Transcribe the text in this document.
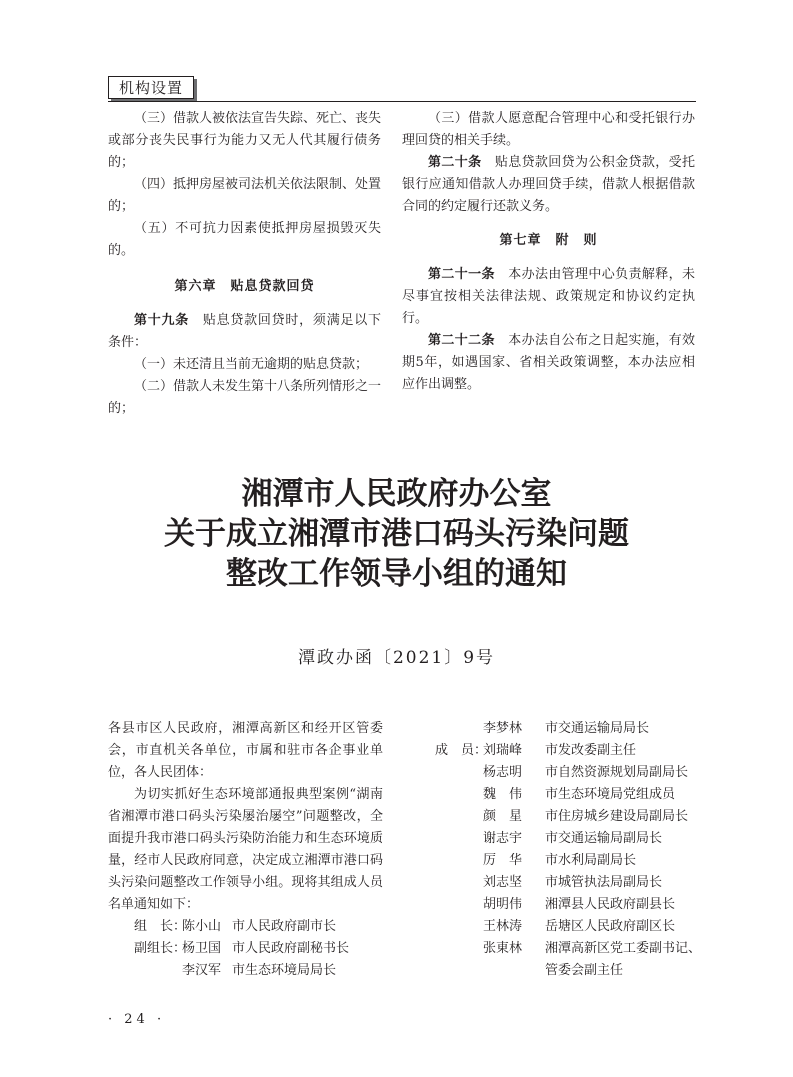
机构设置

（三）借款人被依法宣告失踪、死亡、丧失或部分丧失民事行为能力又无人代其履行债务的；

（四）抵押房屋被司法机关依法限制、处置的；

（五）不可抗力因素使抵押房屋损毁灭失的。

第六章　贴息贷款回贷

第十九条　贴息贷款回贷时，须满足以下条件：

（一）未还清且当前无逾期的贴息贷款；

（二）借款人未发生第十八条所列情形之一的；

（三）借款人愿意配合管理中心和受托银行办理回贷的相关手续。

第二十条　贴息贷款回贷为公积金贷款，受托银行应通知借款人办理回贷手续，借款人根据借款合同的约定履行还款义务。

第七章　附　则

第二十一条　本办法由管理中心负责解释，未尽事宜按相关法律法规、政策规定和协议约定执行。

第二十二条　本办法自公布之日起实施，有效期5年，如遇国家、省相关政策调整，本办法应相应作出调整。

湘潭市人民政府办公室
关于成立湘潭市港口码头污染问题
整改工作领导小组的通知
潭政办函〔2021〕9号

各县市区人民政府，湘潭高新区和经开区管委会，市直机关各单位，市属和驻市各企事业单位，各人民团体：

为切实抓好生态环境部通报典型案例“湖南省湘潭市港口码头污染屡治屡空”问题整改，全面提升我市港口码头污染防治能力和生态环境质量，经市人民政府同意，决定成立湘潭市港口码头污染问题整改工作领导小组。现将其组成人员名单通知如下：

组　长：
陈小山 市人民政府副市长
副组长：
杨卫国 市人民政府副秘书长
李汉军 市生态环境局局长
李梦林 市交通运输局局长
成　员：
刘瑞峰 市发改委副主任
杨志明 市自然资源规划局副局长
魏　伟 市生态环境局党组成员
颜　星 市住房城乡建设局副局长
谢志宇 市交通运输局副局长
厉　华 市水利局副局长
刘志坚 市城管执法局副局长
胡明伟 湘潭县人民政府副县长
王林涛 岳塘区人民政府副区长
张東林 湘潭高新区党工委副书记、
管委会副主任
· 24 ·
